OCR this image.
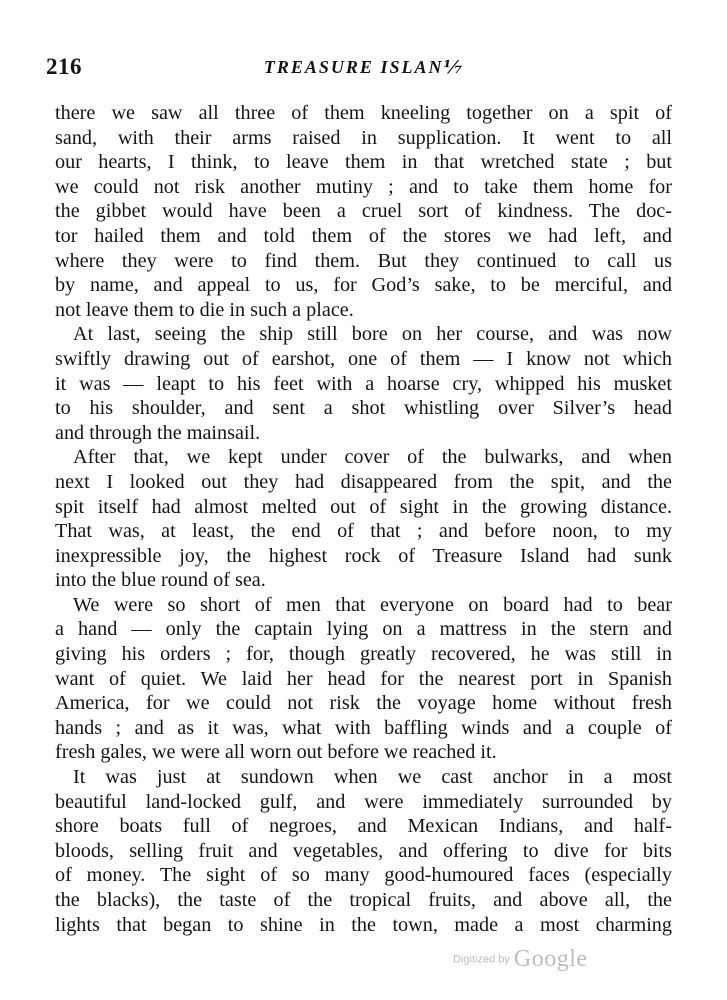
216	TREASURE ISLAN⅐
there we saw all three of them kneeling together on a spit of
sand, with their arms raised in supplication. It went to all
our hearts, I think, to leave them in that wretched state ; but
we could not risk another mutiny ; and to take them home for
the gibbet would have been a cruel sort of kindness. The doc-
tor hailed them and told them of the stores we had left, and
where they were to find them. But they continued to call us
by name, and appeal to us, for God’s sake, to be merciful, and
not leave them to die in such a place.
At last, seeing the ship still bore on her course, and was now
swiftly drawing out of earshot, one of them — I know not which
it was — leapt to his feet with a hoarse cry, whipped his musket
to his shoulder, and sent a shot whistling over Silver’s head
and through the mainsail.
After that, we kept under cover of the bulwarks, and when
next I looked out they had disappeared from the spit, and the
spit itself had almost melted out of sight in the growing distance.
That was, at least, the end of that ; and before noon, to my
inexpressible joy, the highest rock of Treasure Island had sunk
into the blue round of sea.
We were so short of men that everyone on board had to bear
a hand — only the captain lying on a mattress in the stern and
giving his orders ; for, though greatly recovered, he was still in
want of quiet. We laid her head for the nearest port in Spanish
America, for we could not risk the voyage home without fresh
hands ; and as it was, what with baffling winds and a couple of
fresh gales, we were all worn out before we reached it.
It was just at sundown when we cast anchor in a most
beautiful land-locked gulf, and were immediately surrounded by
shore boats full of negroes, and Mexican Indians, and half-
bloods, selling fruit and vegetables, and offering to dive for bits
of money. The sight of so many good-humoured faces (especially
the blacks), the taste of the tropical fruits, and above all, the
lights that began to shine in the town, made a most charming
Digitized by Google
